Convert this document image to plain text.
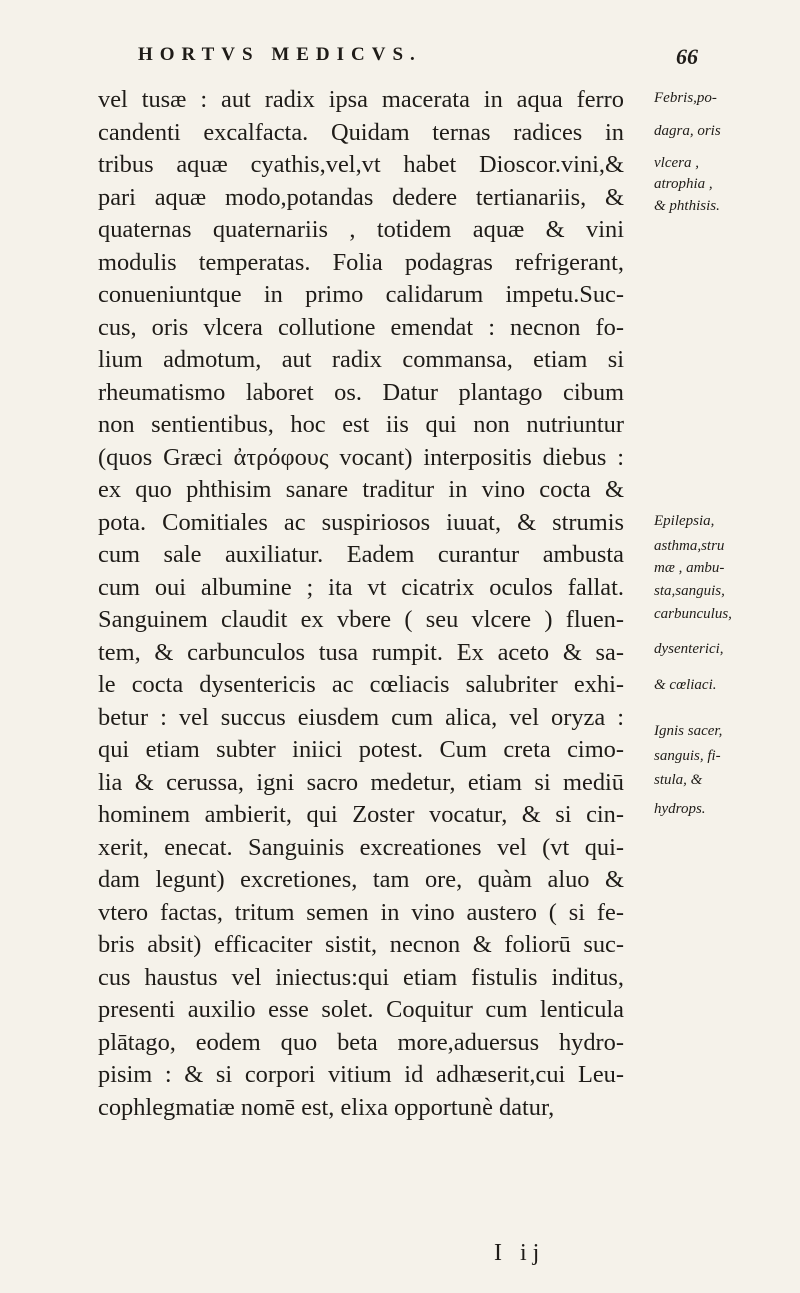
HORTVS MEDICVS.	66
vel tusæ : aut radix ipsa macerata in aqua ferro
candenti excalfacta. Quidam ternas radices in
tribus aquæ cyathis,vel,vt habet Dioscor.vini,&
pari aquæ modo,potandas dedere tertianariis, &
quaternas quaternariis , totidem aquæ & vini
modulis temperatas. Folia podagras refrigerant,
conueniuntque in primo calidarum impetu.Suc-
cus, oris vlcera collutione emendat : necnon fo-
lium admotum, aut radix commansa, etiam si
rheumatismo laboret os. Datur plantago cibum
non sentientibus, hoc est iis qui non nutriuntur
(quos Græci ἀτρόφους vocant) interpositis diebus :
ex quo phthisim sanare traditur in vino cocta &
pota. Comitiales ac suspiriosos iuuat, & strumis
cum sale auxiliatur. Eadem curantur ambusta
cum oui albumine ; ita vt cicatrix oculos fallat.
Sanguinem claudit ex vbere ( seu vlcere ) fluen-
tem, & carbunculos tusa rumpit. Ex aceto & sa-
le cocta dysentericis ac cœliacis salubriter exhi-
betur : vel succus eiusdem cum alica, vel oryza :
qui etiam subter iniici potest. Cum creta cimo-
lia & cerussa, igni sacro medetur, etiam si mediū
hominem ambierit, qui Zoster vocatur, & si cin-
xerit, enecat. Sanguinis excreationes vel (vt qui-
dam legunt) excretiones, tam ore, quàm aluo &
vtero factas, tritum semen in vino austero ( si fe-
bris absit) efficaciter sistit, necnon & foliorū suc-
cus haustus vel iniectus:qui etiam fistulis inditus,
presenti auxilio esse solet. Coquitur cum lenticula
plātago, eodem quo beta more,aduersus hydro-
pisim : & si corpori vitium id adhæserit,cui Leu-
cophlegmatiæ nomē est, elixa opportunè datur,
Febris,po-
dagra, oris
vlcera ,
atrophia ,
& phthisis.
Epilepsia,
asthma,stru
mæ , ambu-
sta,sanguis,
carbunculus,
dysenterici,
& cœliaci.
Ignis sacer,
sanguis, fi-
stula, &
hydrops.
I ij
